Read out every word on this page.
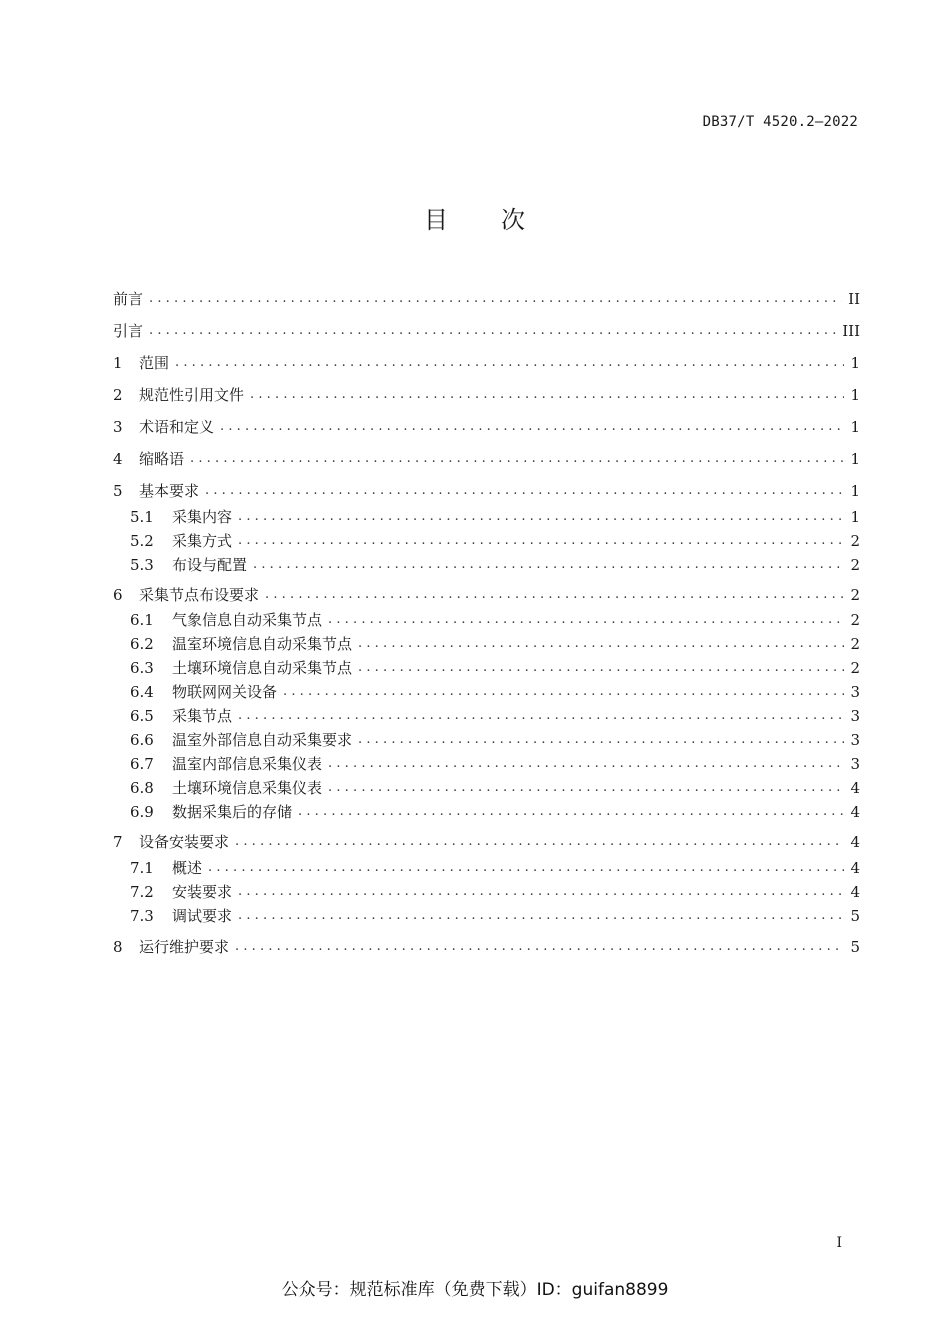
DB37/T 4520.2—2022
目 次
前言 .....	II
引言 .....	III
1	范围 .....	1
2	规范性引用文件 .....	1
3	术语和定义 .....	1
4	缩略语 .....	1
5	基本要求 .....	1
5.1	采集内容 .....	1
5.2	采集方式 .....	2
5.3	布设与配置 .....	2
6	采集节点布设要求 .....	2
6.1	气象信息自动采集节点 .....	2
6.2	温室环境信息自动采集节点 .....	2
6.3	土壤环境信息自动采集节点 .....	2
6.4	物联网网关设备 .....	3
6.5	采集节点 .....	3
6.6	温室外部信息自动采集要求 .....	3
6.7	温室内部信息采集仪表 .....	3
6.8	土壤环境信息采集仪表 .....	4
6.9	数据采集后的存储 .....	4
7	设备安装要求 .....	4
7.1	概述 .....	4
7.2	安装要求 .....	4
7.3	调试要求 .....	5
8	运行维护要求 .....	5
I
公众号：规范标准库（免费下载）ID：guifan8899
